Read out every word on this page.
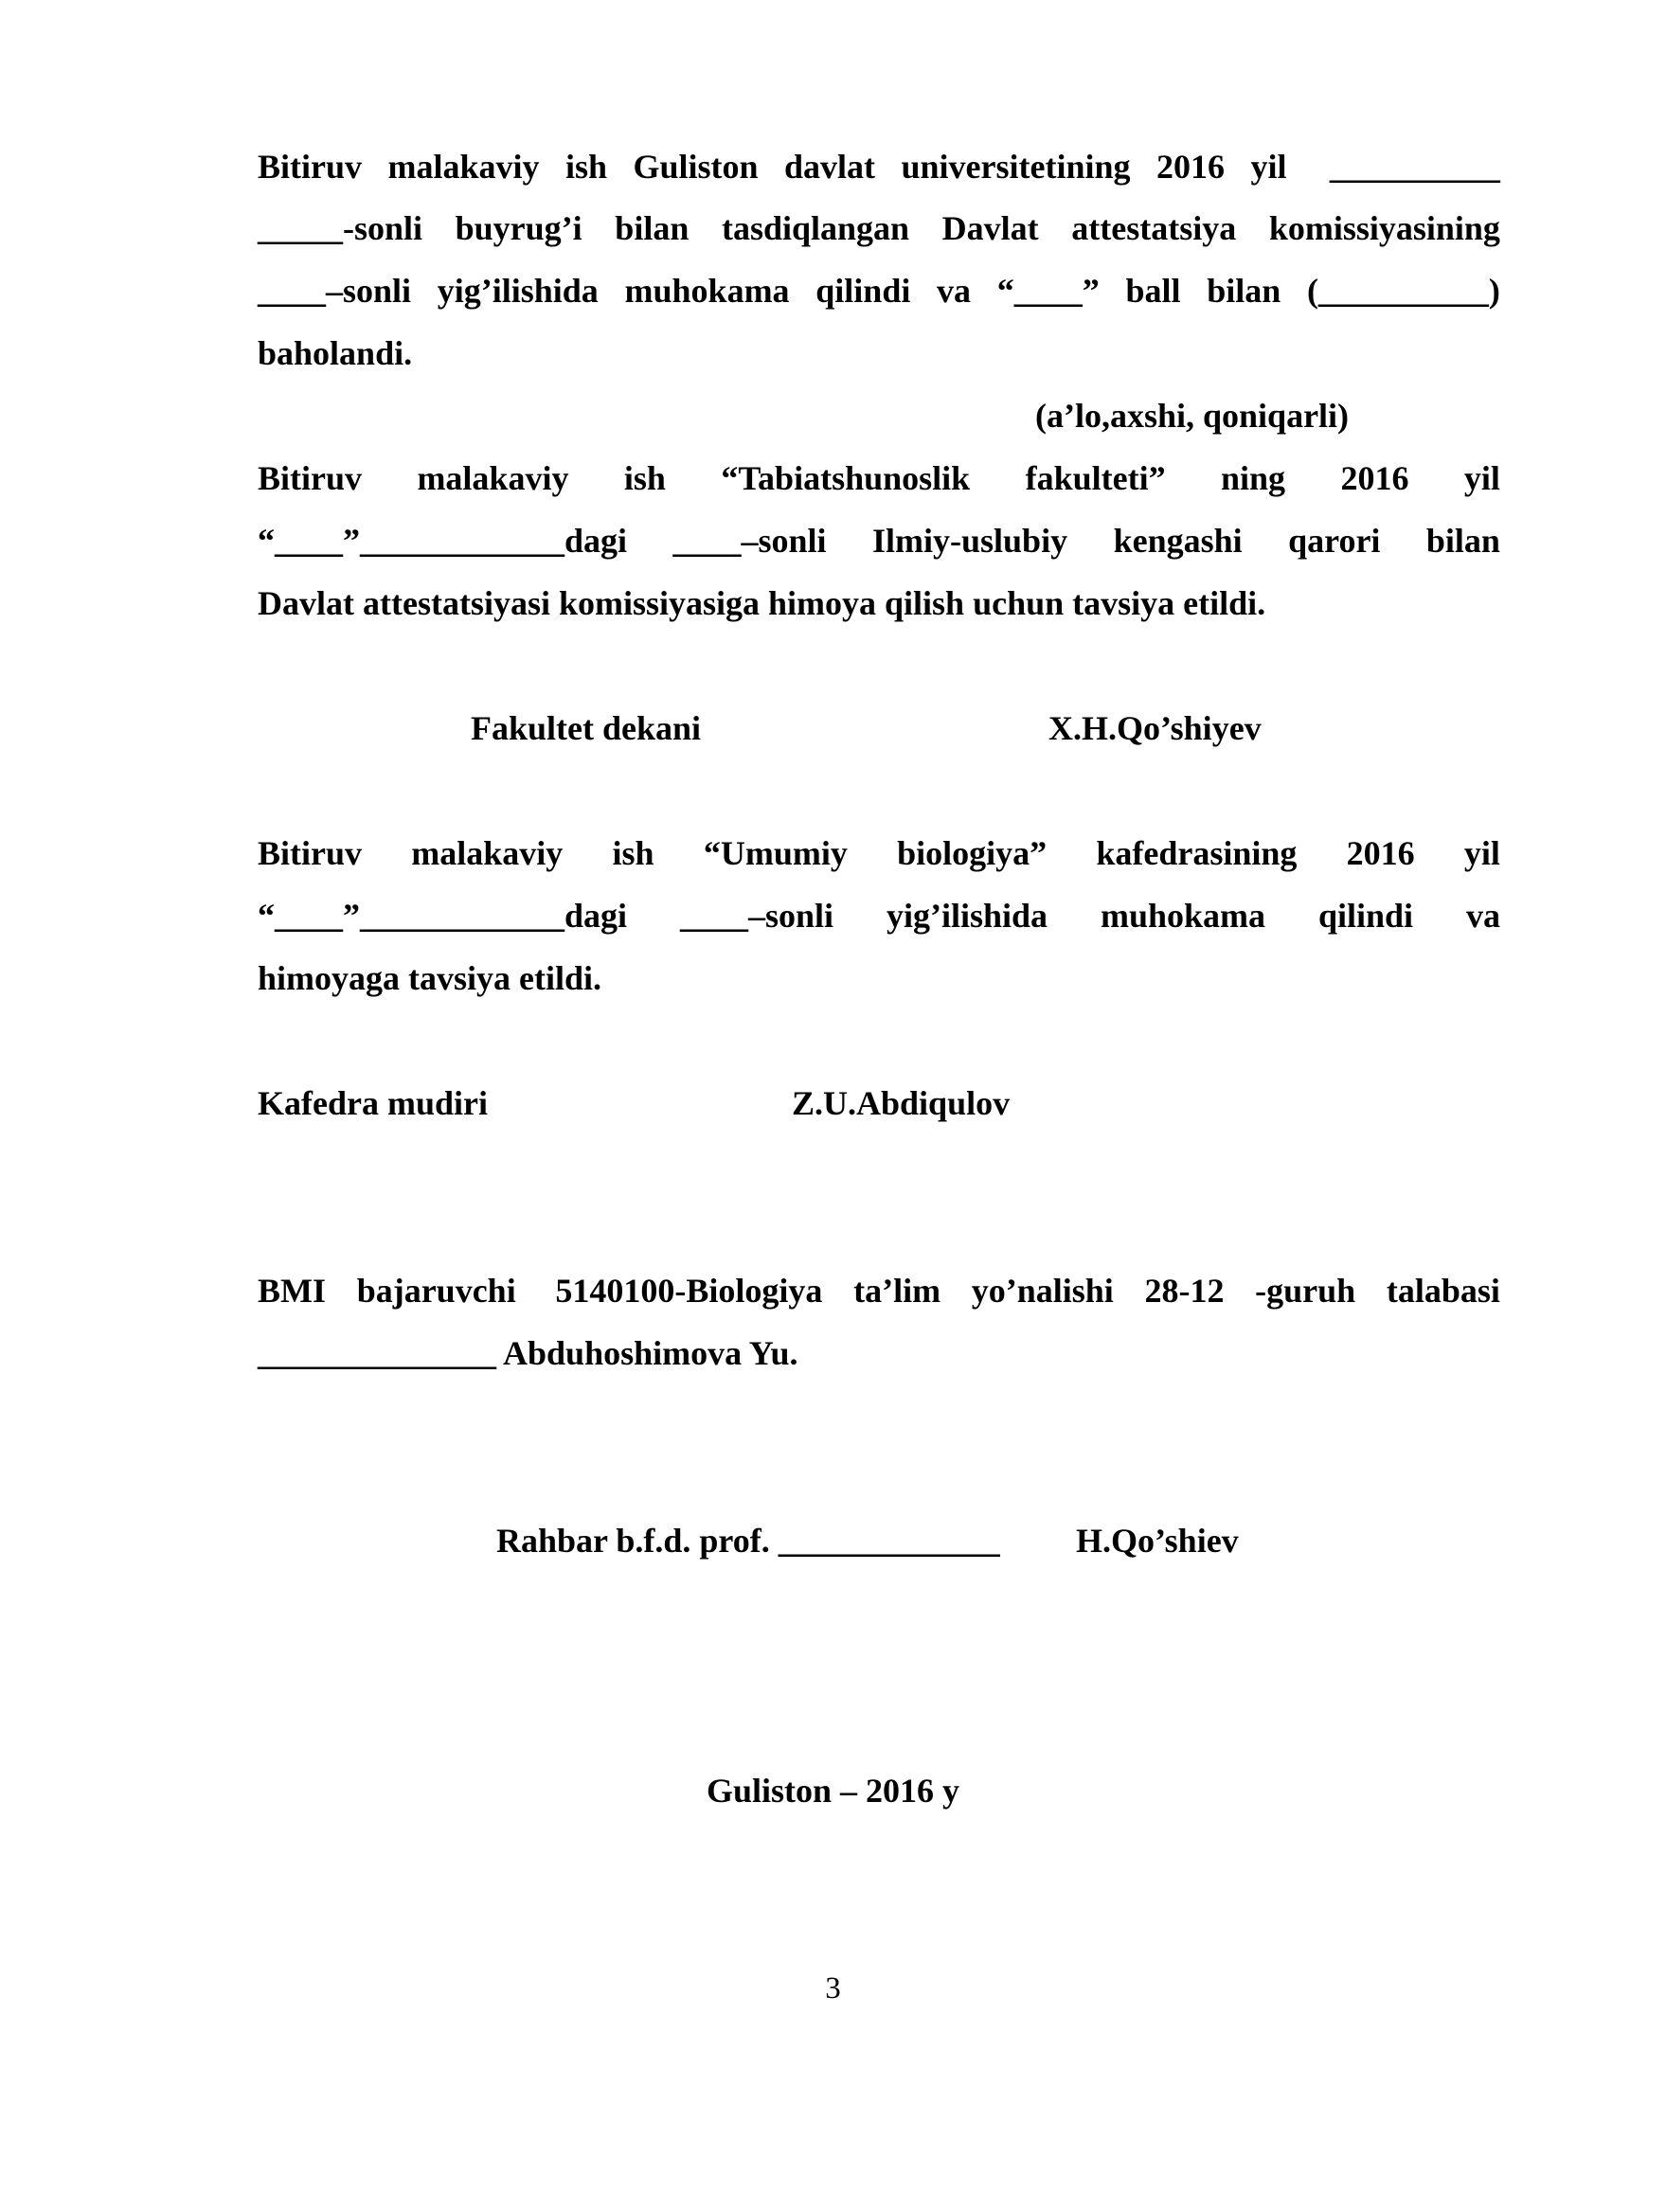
Bitiruv malakaviy ish Guliston davlat universitetining 2016 yil __________
_____-sonli buyrug’i bilan tasdiqlangan Davlat attestatsiya komissiyasining
____–sonli yig’ilishida muhokama qilindi va “____” ball bilan (__________)
baholandi.
(a’lo,axshi, qoniqarli)
Bitiruv malakaviy ish “Tabiatshunoslik fakulteti” ning 2016 yil
“____”____________dagi ____–sonli Ilmiy-uslubiy kengashi qarori bilan
Davlat attestatsiyasi komissiyasiga himoya qilish uchun tavsiya etildi.
Fakultet dekani	X.H.Qo’shiyev
Bitiruv malakaviy ish “Umumiy biologiya” kafedrasining 2016 yil
“____”____________dagi ____–sonli yig’ilishida muhokama qilindi va
himoyaga tavsiya etildi.
Kafedra mudiri	Z.U.Abdiqulov
BMI bajaruvchi 5140100-Biologiya ta’lim yo’nalishi 28-12 -guruh talabasi
______________ Abduhoshimova Yu.
Rahbar b.f.d. prof. _____________ H.Qo’shiev
Guliston – 2016 y
3
